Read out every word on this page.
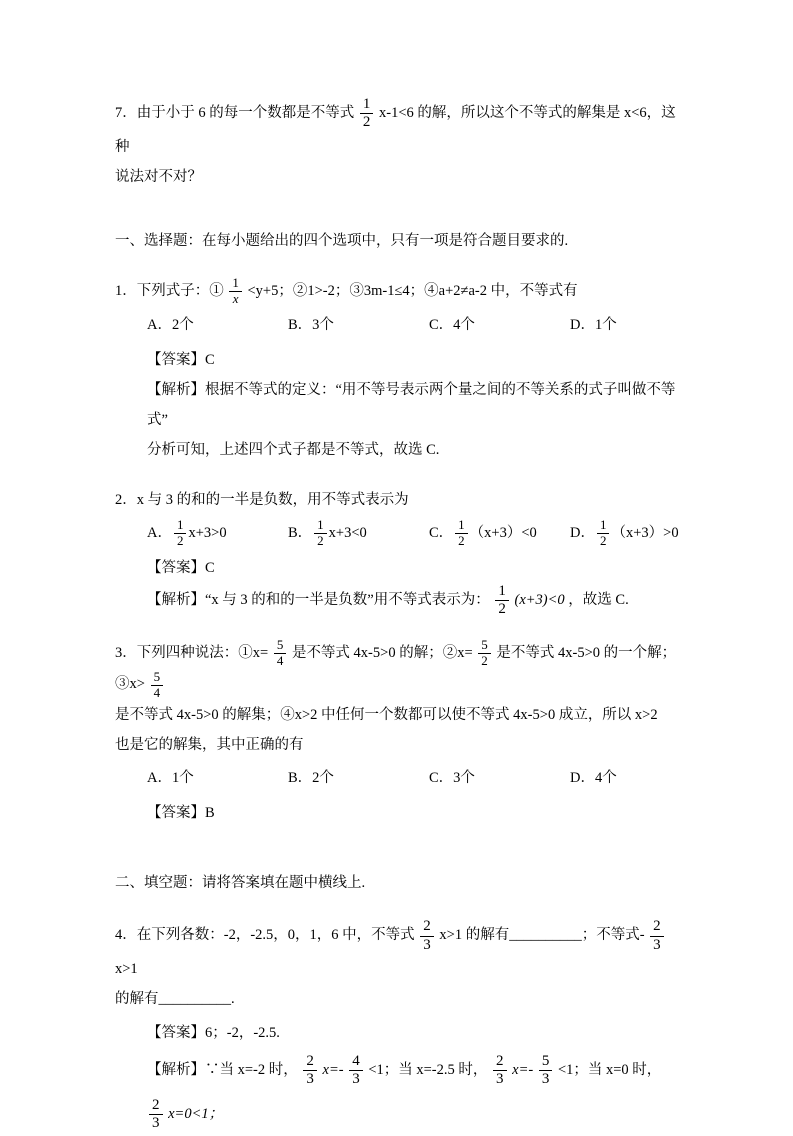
7．由于小于 6 的每一个数都是不等式 $\frac{1}{2} x-1<6$ 的解，所以这个不等式的解集是 x<6，这种
说法对不对？

一、选择题：在每小题给出的四个选项中，只有一项是符合题目要求的.

1．下列式子：① $\frac{1}{x} <y+5$；②1>-2；③3m-1≤4；④a+2≠a-2 中，不等式有

A．2个	B．3个	C．4个	D．1个

【答案】C

【解析】根据不等式的定义：“用不等号表示两个量之间的不等关系的式子叫做不等式”
分析可知，上述四个式子都是不等式，故选 C.

2．x 与 3 的和的一半是负数，用不等式表示为

A． $\frac{1}{2} x+3>0$	B． $\frac{1}{2} x+3<0$	C． $\frac{1}{2} (x+3)<0$	D． $\frac{1}{2} (x+3)>0$

【答案】C

【解析】“x 与 3 的和的一半是负数”用不等式表示为： $\frac{1}{2} (x+3)<0$ ，故选 C.

3．下列四种说法：①x= $\frac{5}{4}$ 是不等式 4x-5>0 的解；②x= $\frac{5}{2}$ 是不等式 4x-5>0 的一个解；③x> $\frac{5}{4}$

是不等式 4x-5>0 的解集；④x>2 中任何一个数都可以使不等式 4x-5>0 成立，所以 x>2
也是它的解集，其中正确的有

A．1个	B．2个	C．3个	D．4个

【答案】B

二、填空题：请将答案填在题中横线上.

4．在下列各数：-2，-2.5，0，1，6 中，不等式 $\frac{2}{3} x>1$ 的解有__________；不等式- $\frac{2}{3}$
x>1
的解有__________.

【答案】6；-2，-2.5.

【解析】∵当 x=-2 时， $\frac{2}{3} x=- \frac{4}{3} <1$；当 x=-2.5 时， $\frac{2}{3} x=- \frac{5}{3} <1$；当 x=0 时，

$\frac{2}{3} x=0<1$；
